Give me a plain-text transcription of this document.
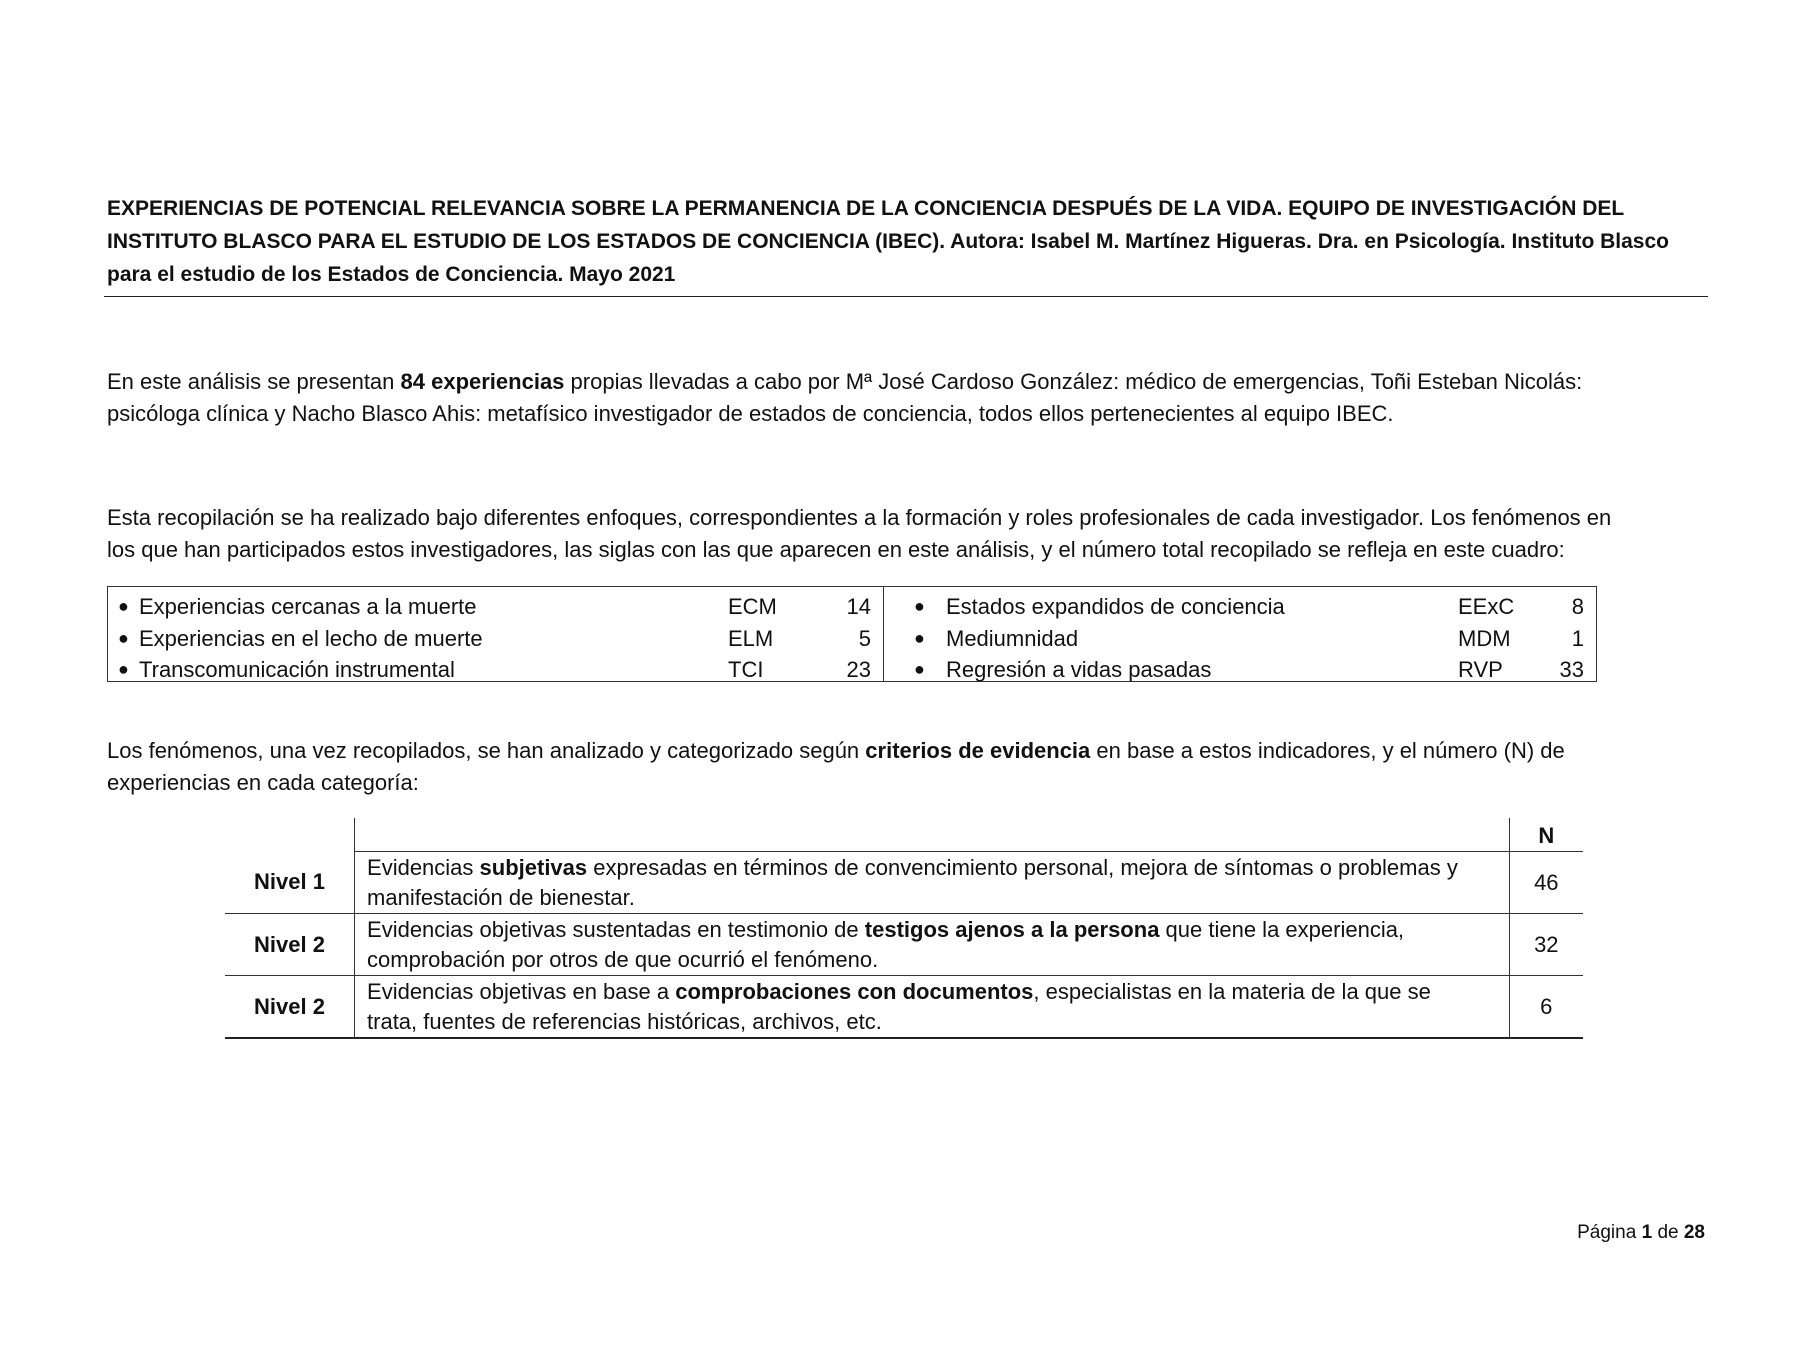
EXPERIENCIAS DE POTENCIAL RELEVANCIA SOBRE LA PERMANENCIA DE LA CONCIENCIA DESPUÉS DE LA VIDA. EQUIPO DE INVESTIGACIÓN DEL
INSTITUTO BLASCO PARA EL ESTUDIO DE LOS ESTADOS DE CONCIENCIA (IBEC). Autora: Isabel M. Martínez Higueras. Dra. en Psicología. Instituto Blasco
para el estudio de los Estados de Conciencia. Mayo 2021
En este análisis se presentan 84 experiencias propias llevadas a cabo por Mª José Cardoso González: médico de emergencias, Toñi Esteban Nicolás:
psicóloga clínica y Nacho Blasco Ahis: metafísico investigador de estados de conciencia, todos ellos pertenecientes al equipo IBEC.
Esta recopilación se ha realizado bajo diferentes enfoques, correspondientes a la formación y roles profesionales de cada investigador. Los fenómenos en
los que han participados estos investigadores, las siglas con las que aparecen en este análisis, y el número total recopilado se refleja en este cuadro:
● Experiencias cercanas a la muerte	ECM	14
● Experiencias en el lecho de muerte	ELM	5
● Transcomunicación instrumental	TCI	23
● Estados expandidos de conciencia	EExC	8
● Mediumnidad	MDM	1
● Regresión a vidas pasadas	RVP	33
Los fenómenos, una vez recopilados, se han analizado y categorizado según criterios de evidencia en base a estos indicadores, y el número (N) de
experiencias en cada categoría:
		N
Nivel 1	Evidencias subjetivas expresadas en términos de convencimiento personal, mejora de síntomas o problemas y
manifestación de bienestar.	46
Nivel 2	Evidencias objetivas sustentadas en testimonio de testigos ajenos a la persona que tiene la experiencia,
comprobación por otros de que ocurrió el fenómeno.	32
Nivel 2	Evidencias objetivas en base a comprobaciones con documentos, especialistas en la materia de la que se
trata, fuentes de referencias históricas, archivos, etc.	6
Página 1 de 28
